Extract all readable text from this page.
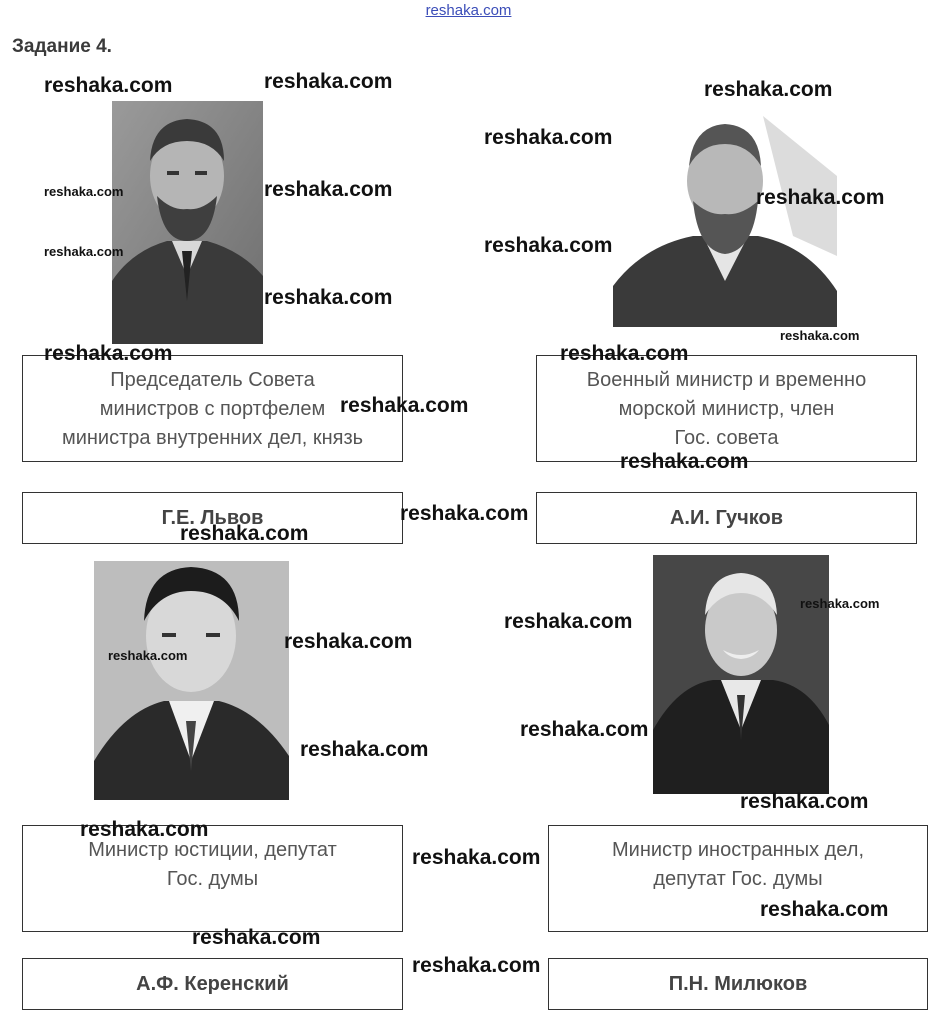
reshaka.com
Задание 4.
Председатель Совета
министров с портфелем
министра внутренних дел, князь
Г.Е. Львов
Военный министр и временно
морской министр, член
Гос. совета
А.И. Гучков
Министр юстиции, депутат
Гос. думы
А.Ф. Керенский
Министр иностранных дел,
депутат Гос. думы
П.Н. Милюков
reshaka.com	reshaka.com	reshaka.com
reshaka.com
reshaka.com	reshaka.com	reshaka.com
reshaka.com	reshaka.com
reshaka.com
reshaka.com
reshaka.com	reshaka.com
reshaka.com
reshaka.com
reshaka.com
reshaka.com
reshaka.com
reshaka.com
reshaka.com
reshaka.com
reshaka.com
reshaka.com
reshaka.com
reshaka.com
reshaka.com
reshaka.com
reshaka.com
reshaka.com
